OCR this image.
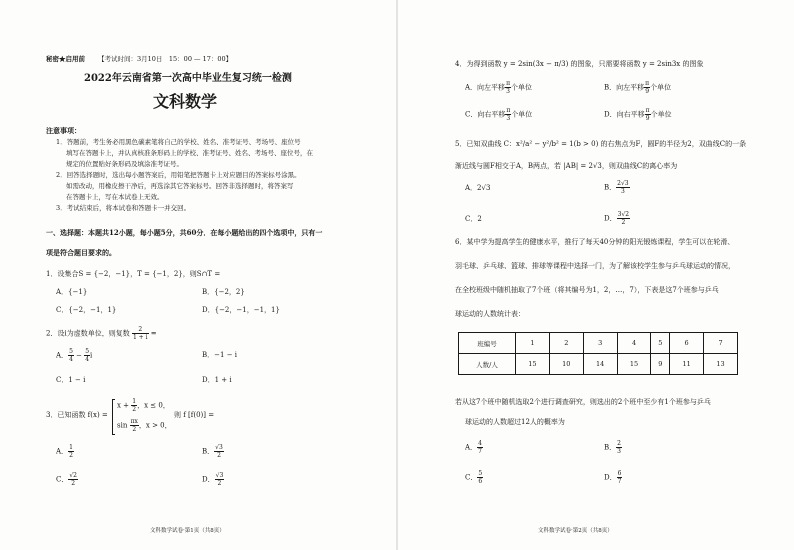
秘密★启用前 【考试时间：3月10日　15：00 — 17：00】
2022年云南省第一次高中毕业生复习统一检测
文科数学
注意事项：
1．答题前，考生务必用黑色碳素笔将自己的学校、姓名、准考证号、考场号、座位号
填写在答题卡上，并认真核准条形码上的学校、准考证号、姓名、考场号、座位号，在
规定的位置贴好条形码及填涂准考证号。
2．回答选择题时，选出每小题答案后，用铅笔把答题卡上对应题目的答案标号涂黑。
如需改动，用橡皮擦干净后，再选涂其它答案标号。回答非选择题时，将答案写
在答题卡上，写在本试卷上无效。
3．考试结束后，将本试卷和答题卡一并交回。
一、选择题：本题共12小题，每小题5分，共60分．在每小题给出的四个选项中，只有一
项是符合题目要求的。
1．设集合S = {−2，−1}，T = {−1，2}，则S∩T =
A．{−1}	B．{−2，2}
C．{−2，−1，1}	D．{−2，−1，−1，1}
2．设i为虚数单位，则复数 $\frac{2}{1 + i}$ =
A． $\frac{5}{4} - \frac{5}{4}$ i	B．−1 − i
C．1 − i	D．1 + i
3．已知函数 f(x) =
$x + \frac{1}{2}$ ，x ≤ 0，
$\sin \frac{\pi x}{2}$ ，x > 0，
则 f [f(0)] =
A． $\frac{1}{2}$	B． $\frac{√3}{2}$
C． $\frac{√2}{2}$	D． $\frac{√3}{2}$
文科数学试卷·第1页（共8页）
4．为得到函数 y = 2sin(3x − π/3) 的图象，只需要将函数 y = 2sin3x 的图象
A．向左平移 $\frac{\pi}{3}$ 个单位	B．向左平移 $\frac{\pi}{9}$ 个单位
C．向右平移 $\frac{\pi}{3}$ 个单位	D．向右平移 $\frac{\pi}{9}$ 个单位
5．已知双曲线 C：x²/a² − y²/b² = 1(b > 0) 的右焦点为F，圆F的半径为2，双曲线C的一条
渐近线与圆F相交于A，B两点，若 |AB| = 2√3，则双曲线C的离心率为
A．2√3	B． $\frac{2√3}{3}$
C．2	D． $\frac{3√2}{2}$
6．某中学为提高学生的健康水平，推行了每天40分钟的阳光锻炼课程，学生可以在轮滑、
羽毛球、乒乓球、篮球、排球等课程中选择一门，为了解该校学生参与乒乓球运动的情况，
在全校班级中随机抽取了7个班（将其编号为1，2，…，7），下表是这7个班参与乒乓
球运动的人数统计表：
班编号	1	2	3	4	5	6	7
人数/人	15	10	14	15	9	11	13
若从这7个班中随机选取2个进行调查研究，则选出的2个班中至少有1个班参与乒乓
球运动的人数超过12人的概率为
A． $\frac{4}{7}$	B． $\frac{2}{3}$
C． $\frac{5}{6}$	D． $\frac{6}{7}$
文科数学试卷·第2页（共8页）
